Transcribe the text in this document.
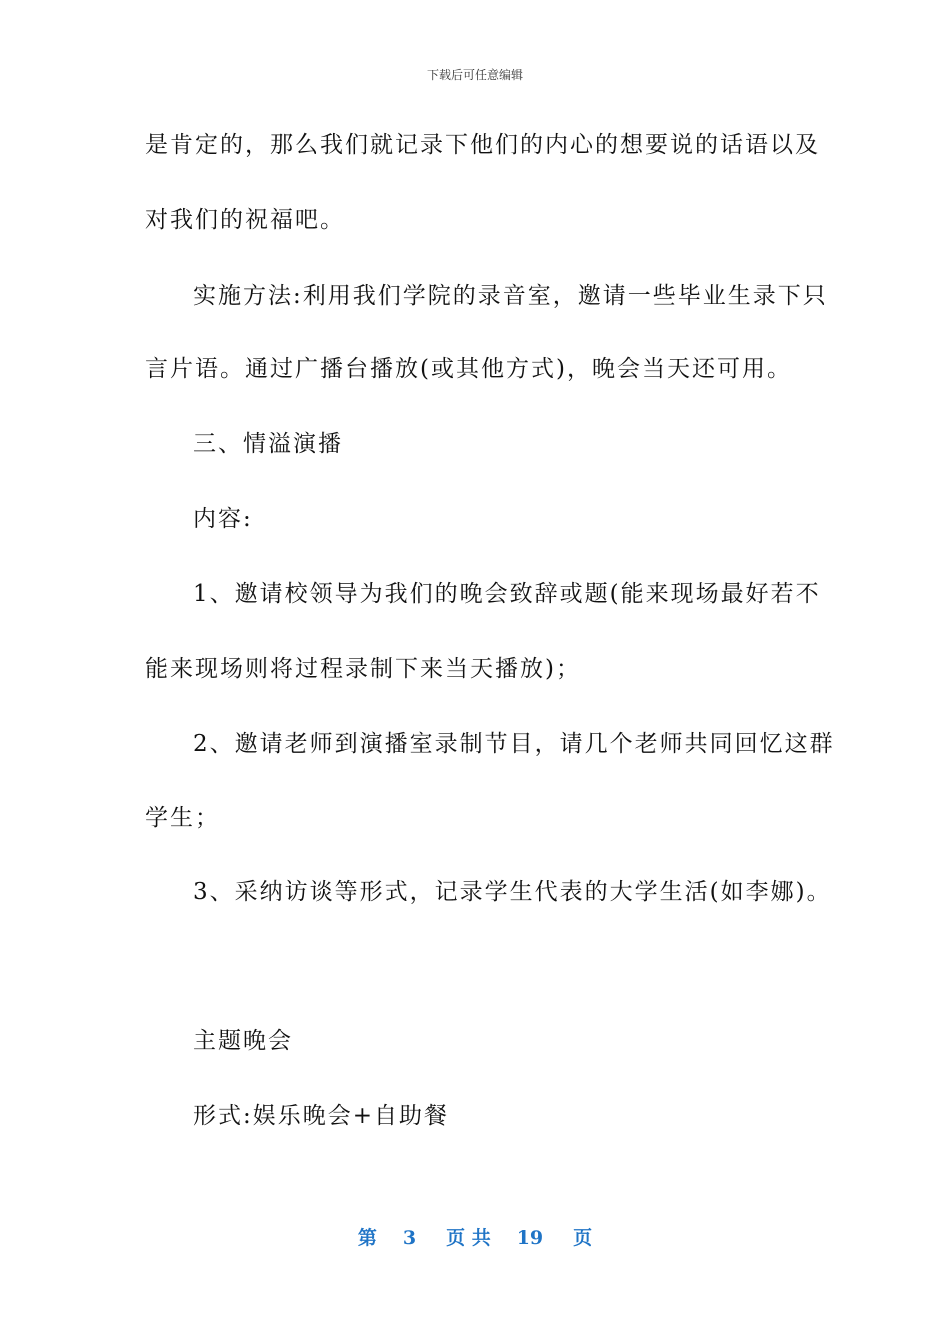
下载后可任意编辑
是肯定的，那么我们就记录下他们的内心的想要说的话语以及
对我们的祝福吧。
实施方法:利用我们学院的录音室，邀请一些毕业生录下只
言片语。通过广播台播放(或其他方式)，晚会当天还可用。
三、情溢演播
内容:
1、邀请校领导为我们的晚会致辞或题(能来现场最好若不
能来现场则将过程录制下来当天播放)；
2、邀请老师到演播室录制节目，请几个老师共同回忆这群
学生；
3、采纳访谈等形式，记录学生代表的大学生活(如李娜)。
主题晚会
形式:娱乐晚会+自助餐
第 3 页 共 19 页
